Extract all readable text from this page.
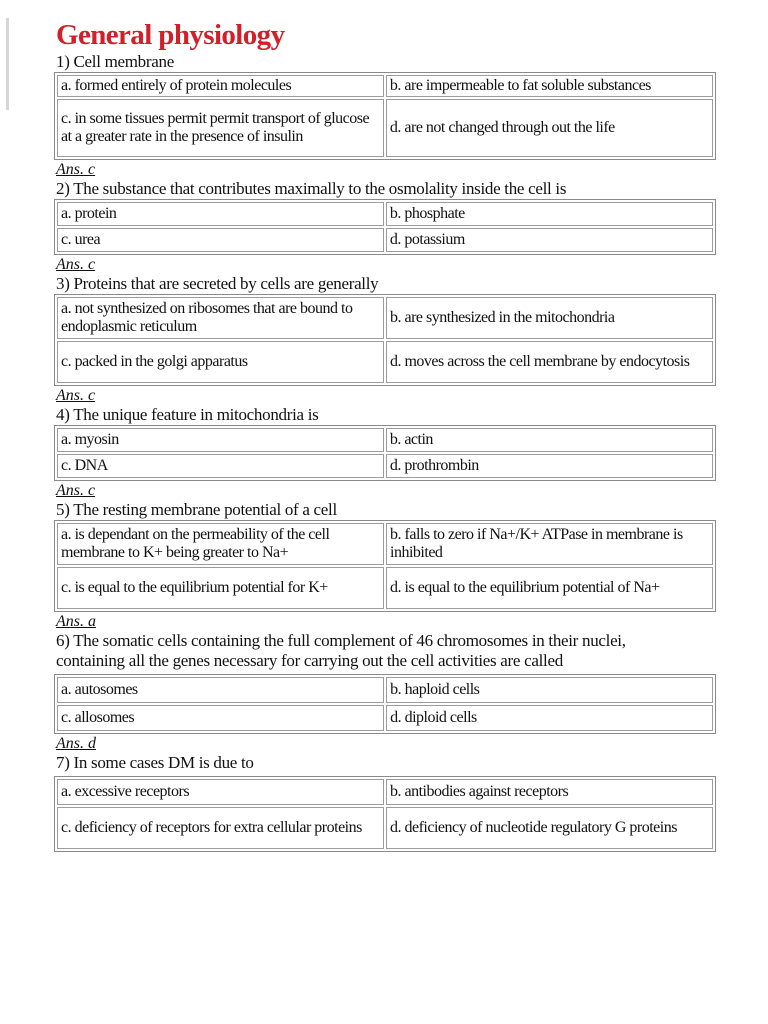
General physiology

1) Cell membrane

a. formed entirely of protein molecules	b. are impermeable to fat soluble substances
c. in some tissues permit permit transport of glucose at a greater rate in the presence of insulin	d. are not changed through out the life

Ans. c

2) The substance that contributes maximally to the osmolality inside the cell is

a. protein	b. phosphate
c. urea	d. potassium

Ans. c

3) Proteins that are secreted by cells are generally

a. not synthesized on ribosomes that are bound to endoplasmic reticulum	b. are synthesized in the mitochondria
c. packed in the golgi apparatus	d. moves across the cell membrane by endocytosis

Ans. c

4) The unique feature in mitochondria is

a. myosin	b. actin
c. DNA	d. prothrombin

Ans. c

5) The resting membrane potential of a cell

a. is dependant on the permeability of the cell membrane to K+ being greater to Na+	b. falls to zero if Na+/K+ ATPase in membrane is inhibited
c. is equal to the equilibrium potential for K+	d. is equal to the equilibrium potential of Na+

Ans. a

6) The somatic cells containing the full complement of 46 chromosomes in their nuclei, containing all the genes necessary for carrying out the cell activities are called

a. autosomes	b. haploid cells
c. allosomes	d. diploid cells

Ans. d

7) In some cases DM is due to

a. excessive receptors	b. antibodies against receptors
c. deficiency of receptors for extra cellular proteins	d. deficiency of nucleotide regulatory G proteins
